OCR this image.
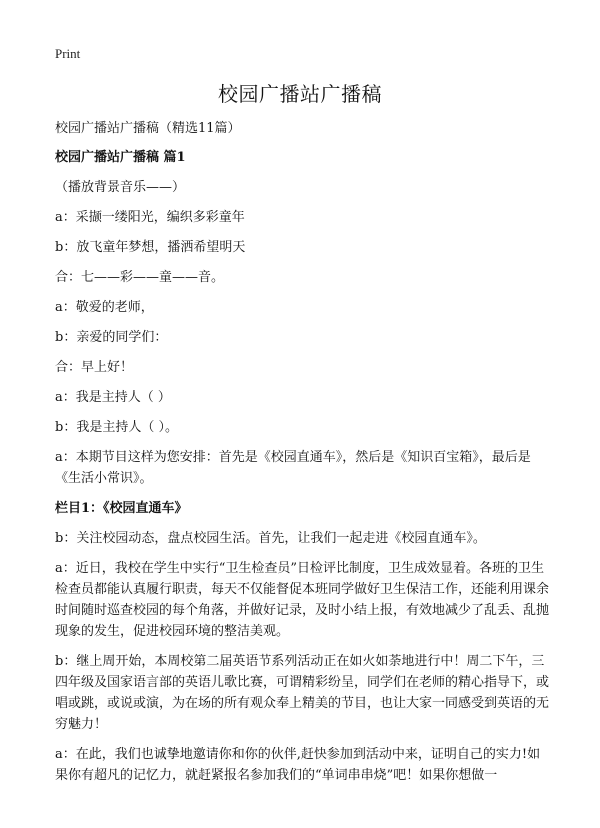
Print
校园广播站广播稿

校园广播站广播稿（精选11篇）

校园广播站广播稿 篇1

（播放背景音乐——）

a：采撷一缕阳光，编织多彩童年

b：放飞童年梦想，播洒希望明天

合：七——彩——童——音。

a：敬爱的老师，

b：亲爱的同学们：

合：早上好！

a：我是主持人（ ）

b：我是主持人（ ）。

a：本期节目这样为您安排：首先是《校园直通车》，然后是《知识百宝箱》，最后是《生活小常识》。

栏目1：《校园直通车》

b：关注校园动态，盘点校园生活。首先，让我们一起走进《校园直通车》。

a：近日，我校在学生中实行“卫生检查员”日检评比制度，卫生成效显着。各班的卫生检查员都能认真履行职责，每天不仅能督促本班同学做好卫生保洁工作，还能利用课余时间随时巡查校园的每个角落，并做好记录，及时小结上报，有效地减少了乱丢、乱抛现象的发生，促进校园环境的整洁美观。

b：继上周开始，本周校第二届英语节系列活动正在如火如荼地进行中！周二下午，三四年级及国家语言部的英语儿歌比赛，可谓精彩纷呈，同学们在老师的精心指导下，或唱或跳，或说或演，为在场的所有观众奉上精美的节目，也让大家一同感受到英语的无穷魅力！

a：在此，我们也诚挚地邀请你和你的伙伴,赶快参加到活动中来，证明自己的实力!如果你有超凡的记忆力，就赶紧报名参加我们的“单词串串烧”吧！如果你想做一
